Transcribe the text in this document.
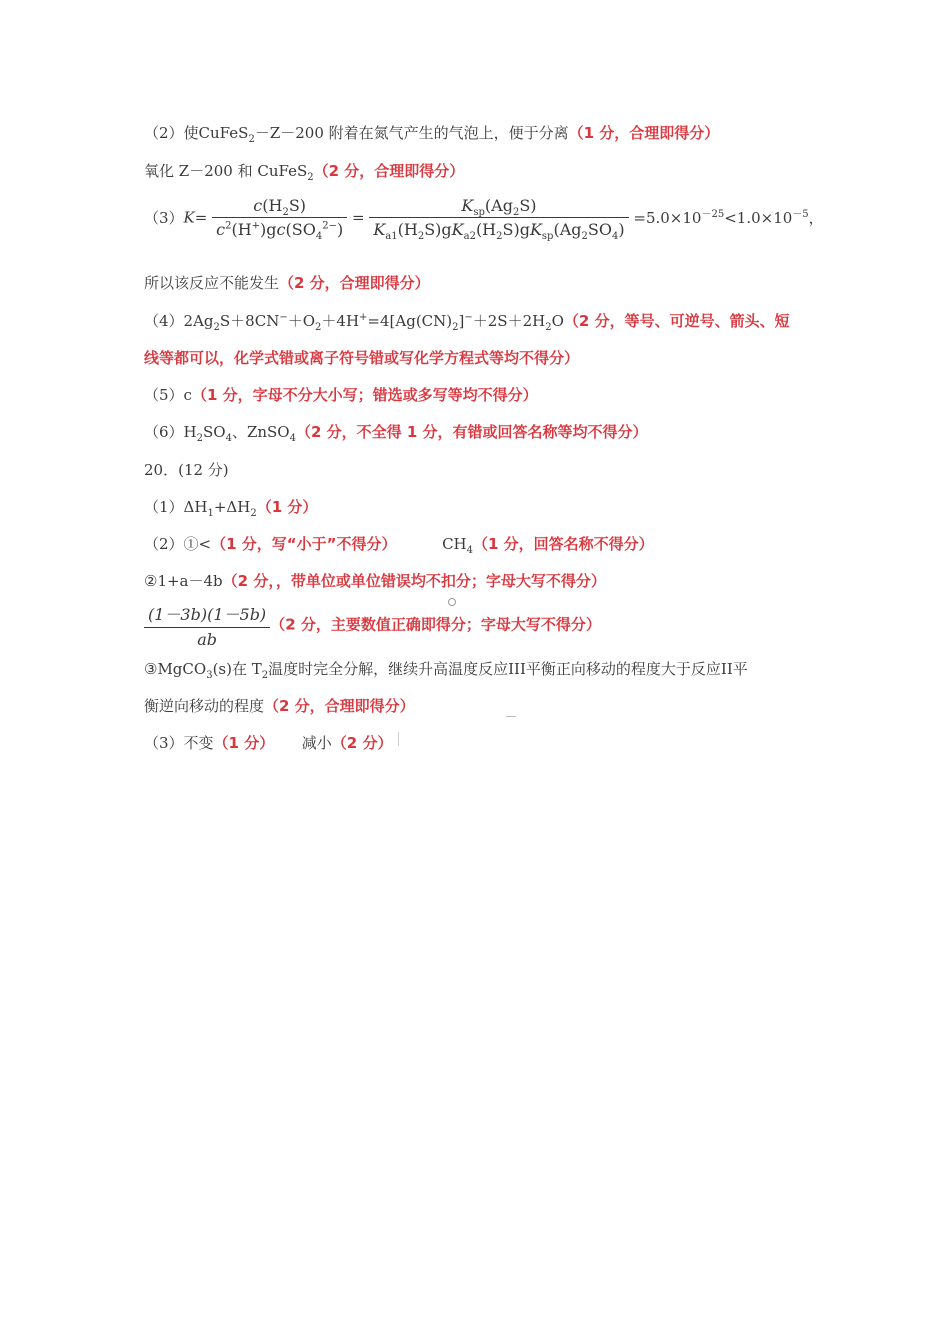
（2）使CuFeS$_2$－Z－200 附着在氮气产生的气泡上，便于分离（1 分，合理即得分）
氧化 Z－200 和 CuFeS$_2$（2 分，合理即得分）
$(3)K= \frac{c(H_2S)}{c^2(H^+)gc(SO_4^{2-})} = \frac{K_{sp}(Ag_2S)}{K_{a1}(H_2S)gK_{a2}(H_2S)gK_{sp}(Ag_2SO_4)} =5.0\times 10^{-25}<1.0\times 10^{-5}$，
所以该反应不能发生（2 分，合理即得分）
$(4)2Ag_2S+8CN^-+O_2+4H^+=4[Ag(CN)_2]^-+2S+2H_2O(2$ 分，等号、可逆号、箭头、短
线等都可以，化学式错或离子符号错或写化学方程式等均不得分）
（5）c（1 分，字母不分大小写；错选或多写等均不得分）
$(6)H_2SO_4$、ZnSO$_4$（2 分，不全得 1 分，有错或回答名称等均不得分）
20．(12 分)
$(1)\Delta H_1+\Delta H_2(1$ 分）
（2）①<（1 分，写“小于”不得分）	$CH_4(1$ 分，回答名称不得分）
②1+a－4b（2 分，，带单位或单位错误均不扣分；字母大写不得分）
$\frac{(1-3b)(1-5b)}{ab} (2$ 分，主要数值正确即得分；字母大写不得分）
③MgCO$_3$(s)在 $T_2$温度时完全分解，继续升高温度反应III平衡正向移动的程度大于反应II平
衡逆向移动的程度（2 分，合理即得分）
（3）不变（1 分） 减小（2 分）
